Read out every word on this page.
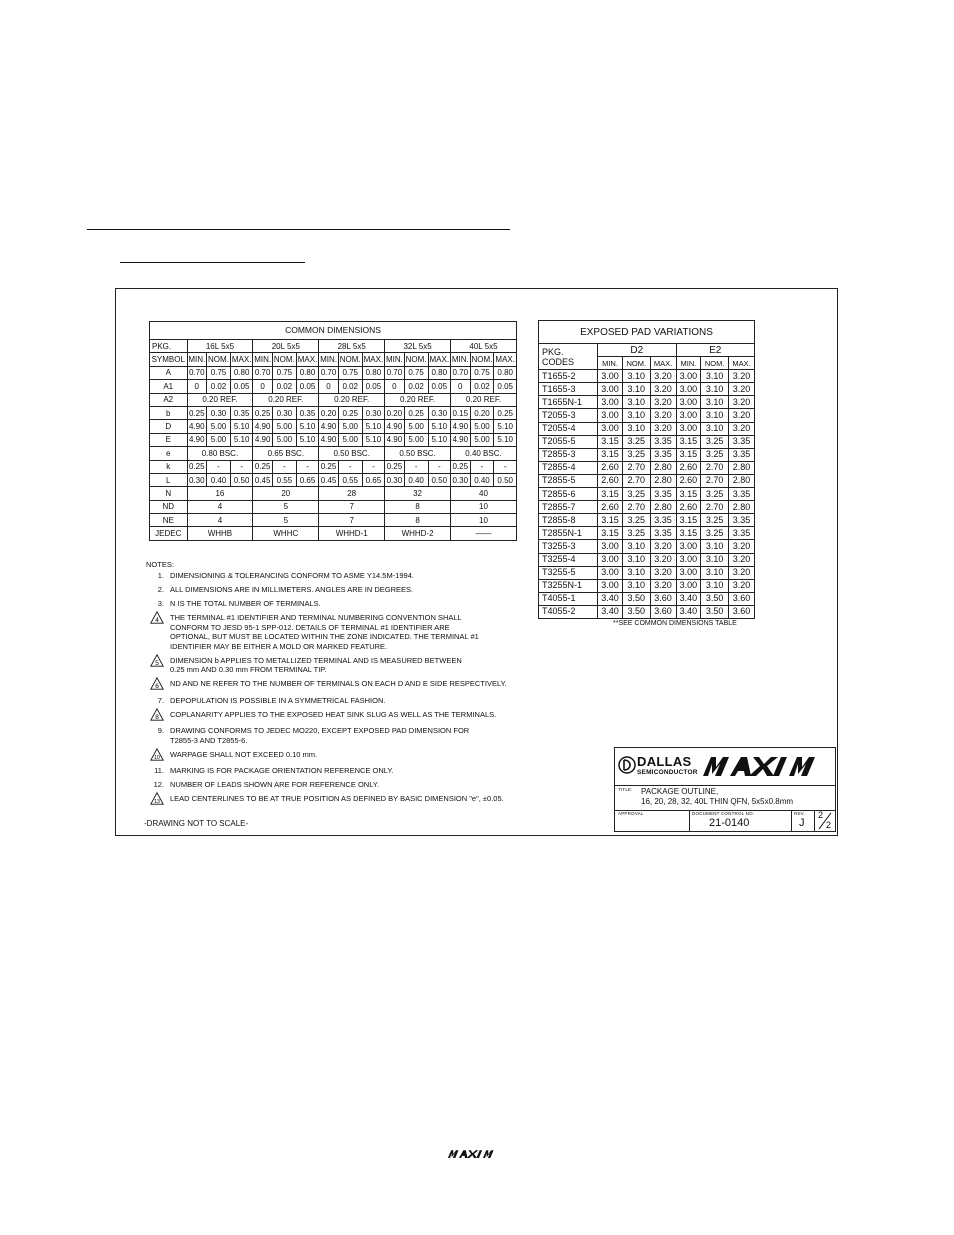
COMMON DIMENSIONS															
PKG.	16L 5x5			20L 5x5			28L 5x5			32L 5x5			40L 5x5		
SYMBOL	MIN.	NOM.	MAX.	MIN.	NOM.	MAX.	MIN.	NOM.	MAX.	MIN.	NOM.	MAX.	MIN.	NOM.	MAX.
A	0.70	0.75	0.80	0.70	0.75	0.80	0.70	0.75	0.80	0.70	0.75	0.80	0.70	0.75	0.80
A1	0	0.02	0.05	0	0.02	0.05	0	0.02	0.05	0	0.02	0.05	0	0.02	0.05
A2	0.20 REF.			0.20 REF.			0.20 REF.			0.20 REF.			0.20 REF.		
b	0.25	0.30	0.35	0.25	0.30	0.35	0.20	0.25	0.30	0.20	0.25	0.30	0.15	0.20	0.25
D	4.90	5.00	5.10	4.90	5.00	5.10	4.90	5.00	5.10	4.90	5.00	5.10	4.90	5.00	5.10
E	4.90	5.00	5.10	4.90	5.00	5.10	4.90	5.00	5.10	4.90	5.00	5.10	4.90	5.00	5.10
e	0.80 BSC.			0.65 BSC.			0.50 BSC.			0.50 BSC.			0.40 BSC.		
k	0.25	-	-	0.25	-	-	0.25	-	-	0.25	-	-	0.25	-	-
L	0.30	0.40	0.50	0.45	0.55	0.65	0.45	0.55	0.65	0.30	0.40	0.50	0.30	0.40	0.50
N	16			20			28			32			40		
ND	4			5			7			8			10		
NE	4			5			7			8			10		
JEDEC	WHHB			WHHC			WHHD-1			WHHD-2			——		
EXPOSED PAD VARIATIONS						
PKG.
CODES	D2			E2		
	MIN.	NOM.	MAX.	MIN.	NOM.	MAX.
T1655-2	3.00	3.10	3.20	3.00	3.10	3.20
T1655-3	3.00	3.10	3.20	3.00	3.10	3.20
T1655N-1	3.00	3.10	3.20	3.00	3.10	3.20
T2055-3	3.00	3.10	3.20	3.00	3.10	3.20
T2055-4	3.00	3.10	3.20	3.00	3.10	3.20
T2055-5	3.15	3.25	3.35	3.15	3.25	3.35
T2855-3	3.15	3.25	3.35	3.15	3.25	3.35
T2855-4	2.60	2.70	2.80	2.60	2.70	2.80
T2855-5	2.60	2.70	2.80	2.60	2.70	2.80
T2855-6	3.15	3.25	3.35	3.15	3.25	3.35
T2855-7	2.60	2.70	2.80	2.60	2.70	2.80
T2855-8	3.15	3.25	3.35	3.15	3.25	3.35
T2855N-1	3.15	3.25	3.35	3.15	3.25	3.35
T3255-3	3.00	3.10	3.20	3.00	3.10	3.20
T3255-4	3.00	3.10	3.20	3.00	3.10	3.20
T3255-5	3.00	3.10	3.20	3.00	3.10	3.20
T3255N-1	3.00	3.10	3.20	3.00	3.10	3.20
T4055-1	3.40	3.50	3.60	3.40	3.50	3.60
T4055-2	3.40	3.50	3.60	3.40	3.50	3.60
**SEE COMMON DIMENSIONS TABLE
NOTES:
1. DIMENSIONING & TOLERANCING CONFORM TO ASME Y14.5M-1994.
2. ALL DIMENSIONS ARE IN MILLIMETERS. ANGLES ARE IN DEGREES.
3. N IS THE TOTAL NUMBER OF TERMINALS.
4 THE TERMINAL #1 IDENTIFIER AND TERMINAL NUMBERING CONVENTION SHALL
CONFORM TO JESD 95-1 SPP-012. DETAILS OF TERMINAL #1 IDENTIFIER ARE
OPTIONAL, BUT MUST BE LOCATED WITHIN THE ZONE INDICATED. THE TERMINAL #1
IDENTIFIER MAY BE EITHER A MOLD OR MARKED FEATURE.
5 DIMENSION b APPLIES TO METALLIZED TERMINAL AND IS MEASURED BETWEEN
0.25 mm AND 0.30 mm FROM TERMINAL TIP.
6 ND AND NE REFER TO THE NUMBER OF TERMINALS ON EACH D AND E SIDE RESPECTIVELY.
7. DEPOPULATION IS POSSIBLE IN A SYMMETRICAL FASHION.
8 COPLANARITY APPLIES TO THE EXPOSED HEAT SINK SLUG AS WELL AS THE TERMINALS.
9. DRAWING CONFORMS TO JEDEC MO220, EXCEPT EXPOSED PAD DIMENSION FOR
T2855-3 AND T2855-6.
10 WARPAGE SHALL NOT EXCEED 0.10 mm.
11. MARKING IS FOR PACKAGE ORIENTATION REFERENCE ONLY.
12. NUMBER OF LEADS SHOWN ARE FOR REFERENCE ONLY.
13 LEAD CENTERLINES TO BE AT TRUE POSITION AS DEFINED BY BASIC DIMENSION "e", ±0.05.
-DRAWING NOT TO SCALE-
DALLAS
SEMICONDUCTOR
TITLE: PACKAGE OUTLINE,
16, 20, 28, 32, 40L THIN QFN, 5x5x0.8mm
APPROVAL	DOCUMENT CONTROL NO.
21-0140
REV.
J
2
2
